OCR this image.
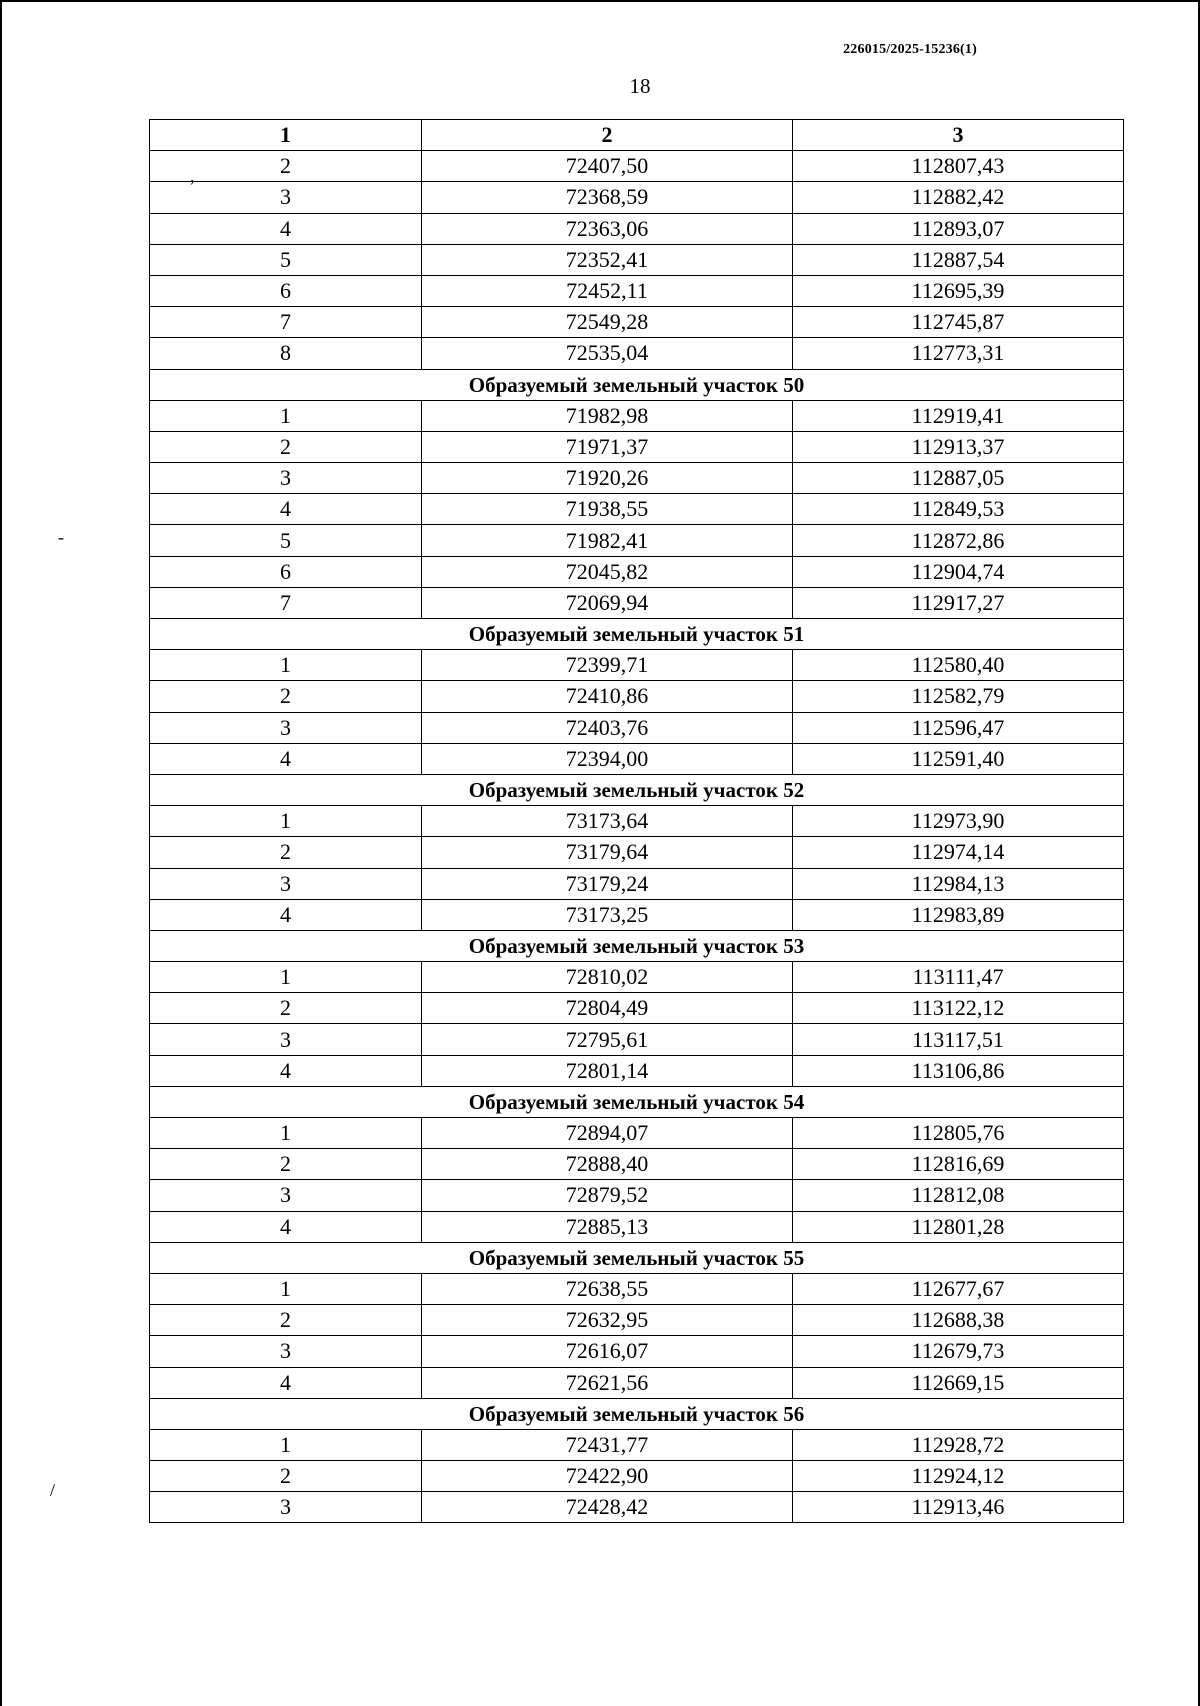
226015/2025-15236(1)
18
,
-
/
1	2	3
2	72407,50	112807,43
3	72368,59	112882,42
4	72363,06	112893,07
5	72352,41	112887,54
6	72452,11	112695,39
7	72549,28	112745,87
8	72535,04	112773,31
Образуемый земельный участок 50		
1	71982,98	112919,41
2	71971,37	112913,37
3	71920,26	112887,05
4	71938,55	112849,53
5	71982,41	112872,86
6	72045,82	112904,74
7	72069,94	112917,27
Образуемый земельный участок 51		
1	72399,71	112580,40
2	72410,86	112582,79
3	72403,76	112596,47
4	72394,00	112591,40
Образуемый земельный участок 52		
1	73173,64	112973,90
2	73179,64	112974,14
3	73179,24	112984,13
4	73173,25	112983,89
Образуемый земельный участок 53		
1	72810,02	113111,47
2	72804,49	113122,12
3	72795,61	113117,51
4	72801,14	113106,86
Образуемый земельный участок 54		
1	72894,07	112805,76
2	72888,40	112816,69
3	72879,52	112812,08
4	72885,13	112801,28
Образуемый земельный участок 55		
1	72638,55	112677,67
2	72632,95	112688,38
3	72616,07	112679,73
4	72621,56	112669,15
Образуемый земельный участок 56		
1	72431,77	112928,72
2	72422,90	112924,12
3	72428,42	112913,46
